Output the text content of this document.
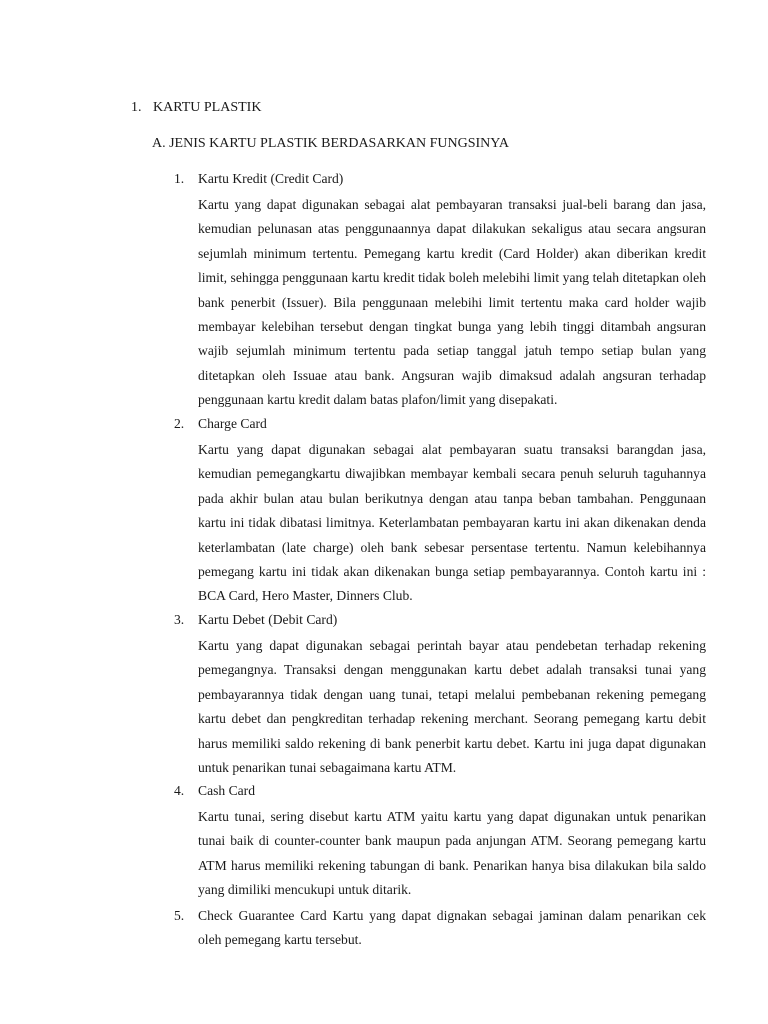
1. KARTU PLASTIK
A. JENIS KARTU PLASTIK BERDASARKAN FUNGSINYA
1.	Kartu Kredit (Credit Card)
Kartu yang dapat digunakan sebagai alat pembayaran transaksi jual-beli barang dan jasa, kemudian pelunasan atas penggunaannya dapat dilakukan sekaligus atau secara angsuran sejumlah minimum tertentu. Pemegang kartu kredit (Card Holder) akan diberikan kredit limit, sehingga penggunaan kartu kredit tidak boleh melebihi limit yang telah ditetapkan oleh bank penerbit (Issuer). Bila penggunaan melebihi limit tertentu maka card holder wajib membayar kelebihan tersebut dengan tingkat bunga yang lebih tinggi ditambah angsuran wajib sejumlah minimum tertentu pada setiap tanggal jatuh tempo setiap bulan yang ditetapkan oleh Issuae atau bank. Angsuran wajib dimaksud adalah angsuran terhadap penggunaan kartu kredit dalam batas plafon/limit yang disepakati.
2.	Charge Card
Kartu yang dapat digunakan sebagai alat pembayaran suatu transaksi barangdan jasa, kemudian pemegangkartu diwajibkan membayar kembali secara penuh seluruh taguhannya pada akhir bulan atau bulan berikutnya dengan atau tanpa beban tambahan. Penggunaan kartu ini tidak dibatasi limitnya. Keterlambatan pembayaran kartu ini akan dikenakan denda keterlambatan (late charge) oleh bank sebesar persentase tertentu. Namun kelebihannya pemegang kartu ini tidak akan dikenakan bunga setiap pembayarannya. Contoh kartu ini : BCA Card, Hero Master, Dinners Club.
3.	Kartu Debet (Debit Card)
Kartu yang dapat digunakan sebagai perintah bayar atau pendebetan terhadap rekening pemegangnya. Transaksi dengan menggunakan kartu debet adalah transaksi tunai yang pembayarannya tidak dengan uang tunai, tetapi melalui pembebanan rekening pemegang kartu debet dan pengkreditan terhadap rekening merchant. Seorang pemegang kartu debit harus memiliki saldo rekening di bank penerbit kartu debet. Kartu ini juga dapat digunakan untuk penarikan tunai sebagaimana kartu ATM.
4.	Cash Card
Kartu tunai, sering disebut kartu ATM yaitu kartu yang dapat digunakan untuk penarikan tunai baik di counter-counter bank maupun pada anjungan ATM. Seorang pemegang kartu ATM harus memiliki rekening tabungan di bank. Penarikan hanya bisa dilakukan bila saldo yang dimiliki mencukupi untuk ditarik.
5.	Check Guarantee Card Kartu yang dapat dignakan sebagai jaminan dalam penarikan cek oleh pemegang kartu tersebut.
